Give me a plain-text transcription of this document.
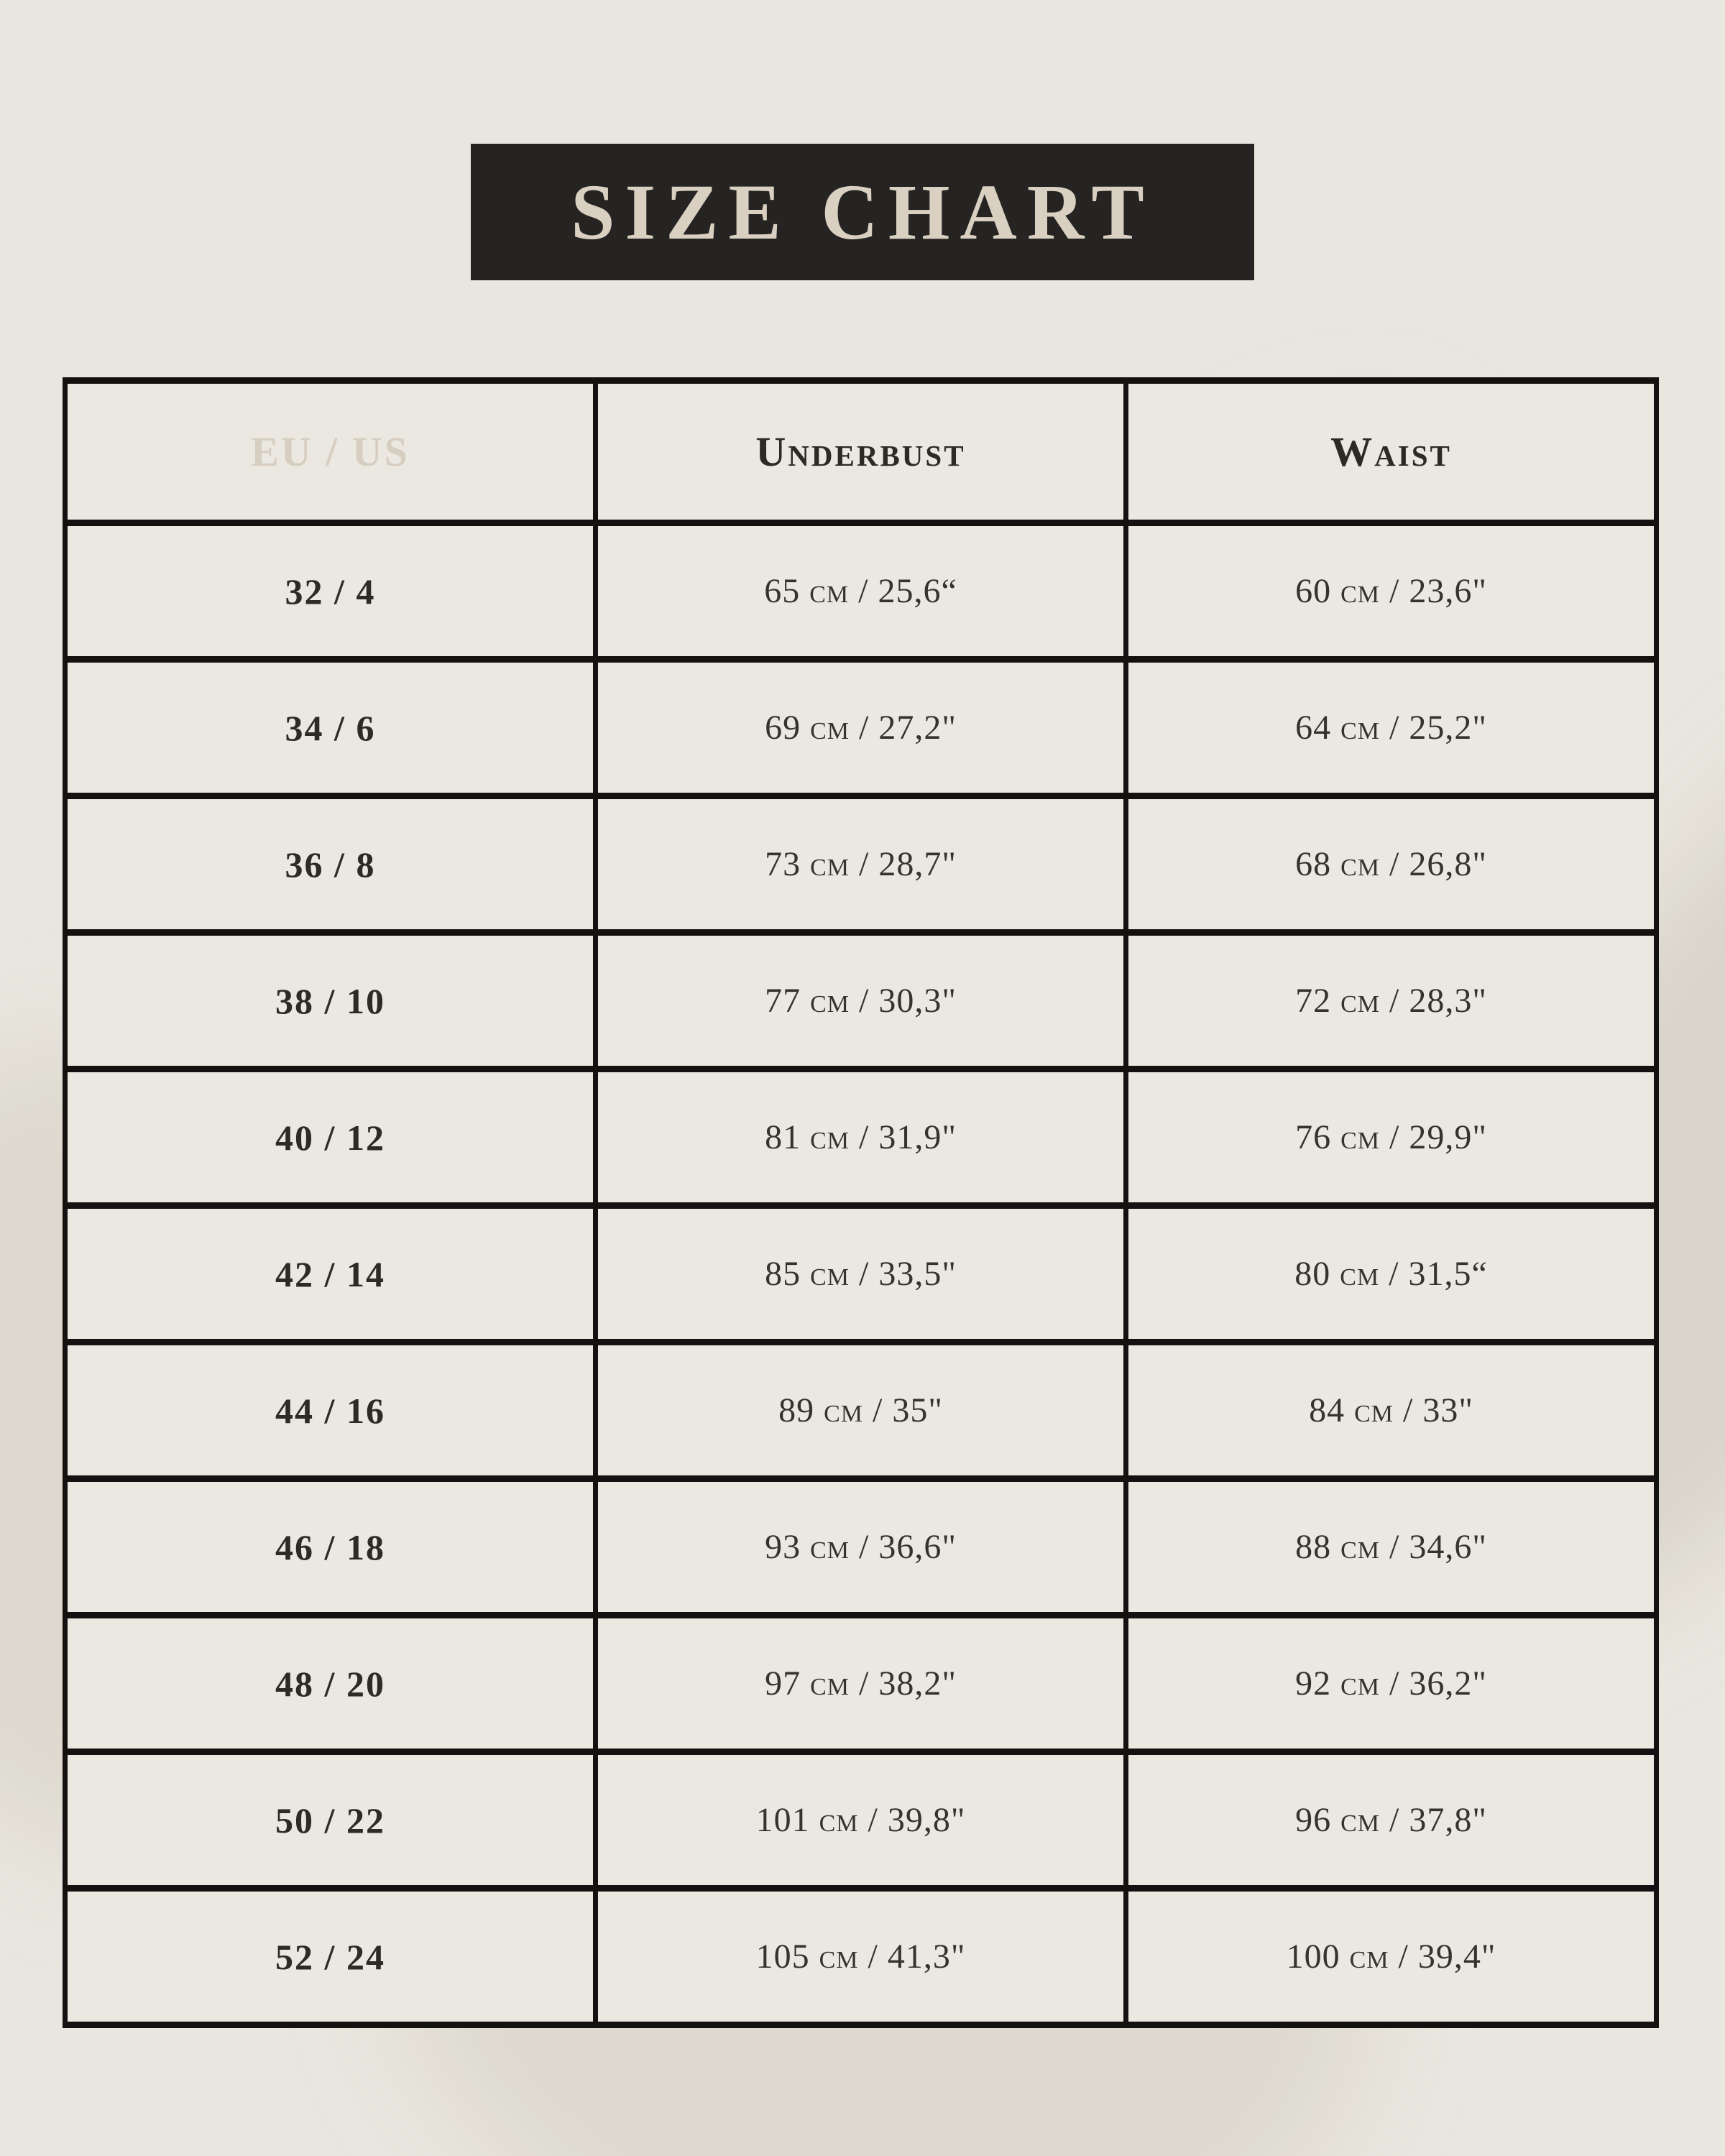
SIZE CHART
EU / US	Underbust	Waist
32 / 4	65 cm / 25,6“	60 cm / 23,6"
34 / 6	69 cm / 27,2"	64 cm / 25,2"
36 / 8	73 cm / 28,7"	68 cm / 26,8"
38 / 10	77 cm / 30,3"	72 cm / 28,3"
40 / 12	81 cm / 31,9"	76 cm / 29,9"
42 / 14	85 cm / 33,5"	80 cm / 31,5“
44 / 16	89 cm / 35"	84 cm / 33"
46 / 18	93 cm / 36,6"	88 cm / 34,6"
48 / 20	97 cm / 38,2"	92 cm / 36,2"
50 / 22	101 cm / 39,8"	96 cm / 37,8"
52 / 24	105 cm / 41,3"	100 cm / 39,4"
